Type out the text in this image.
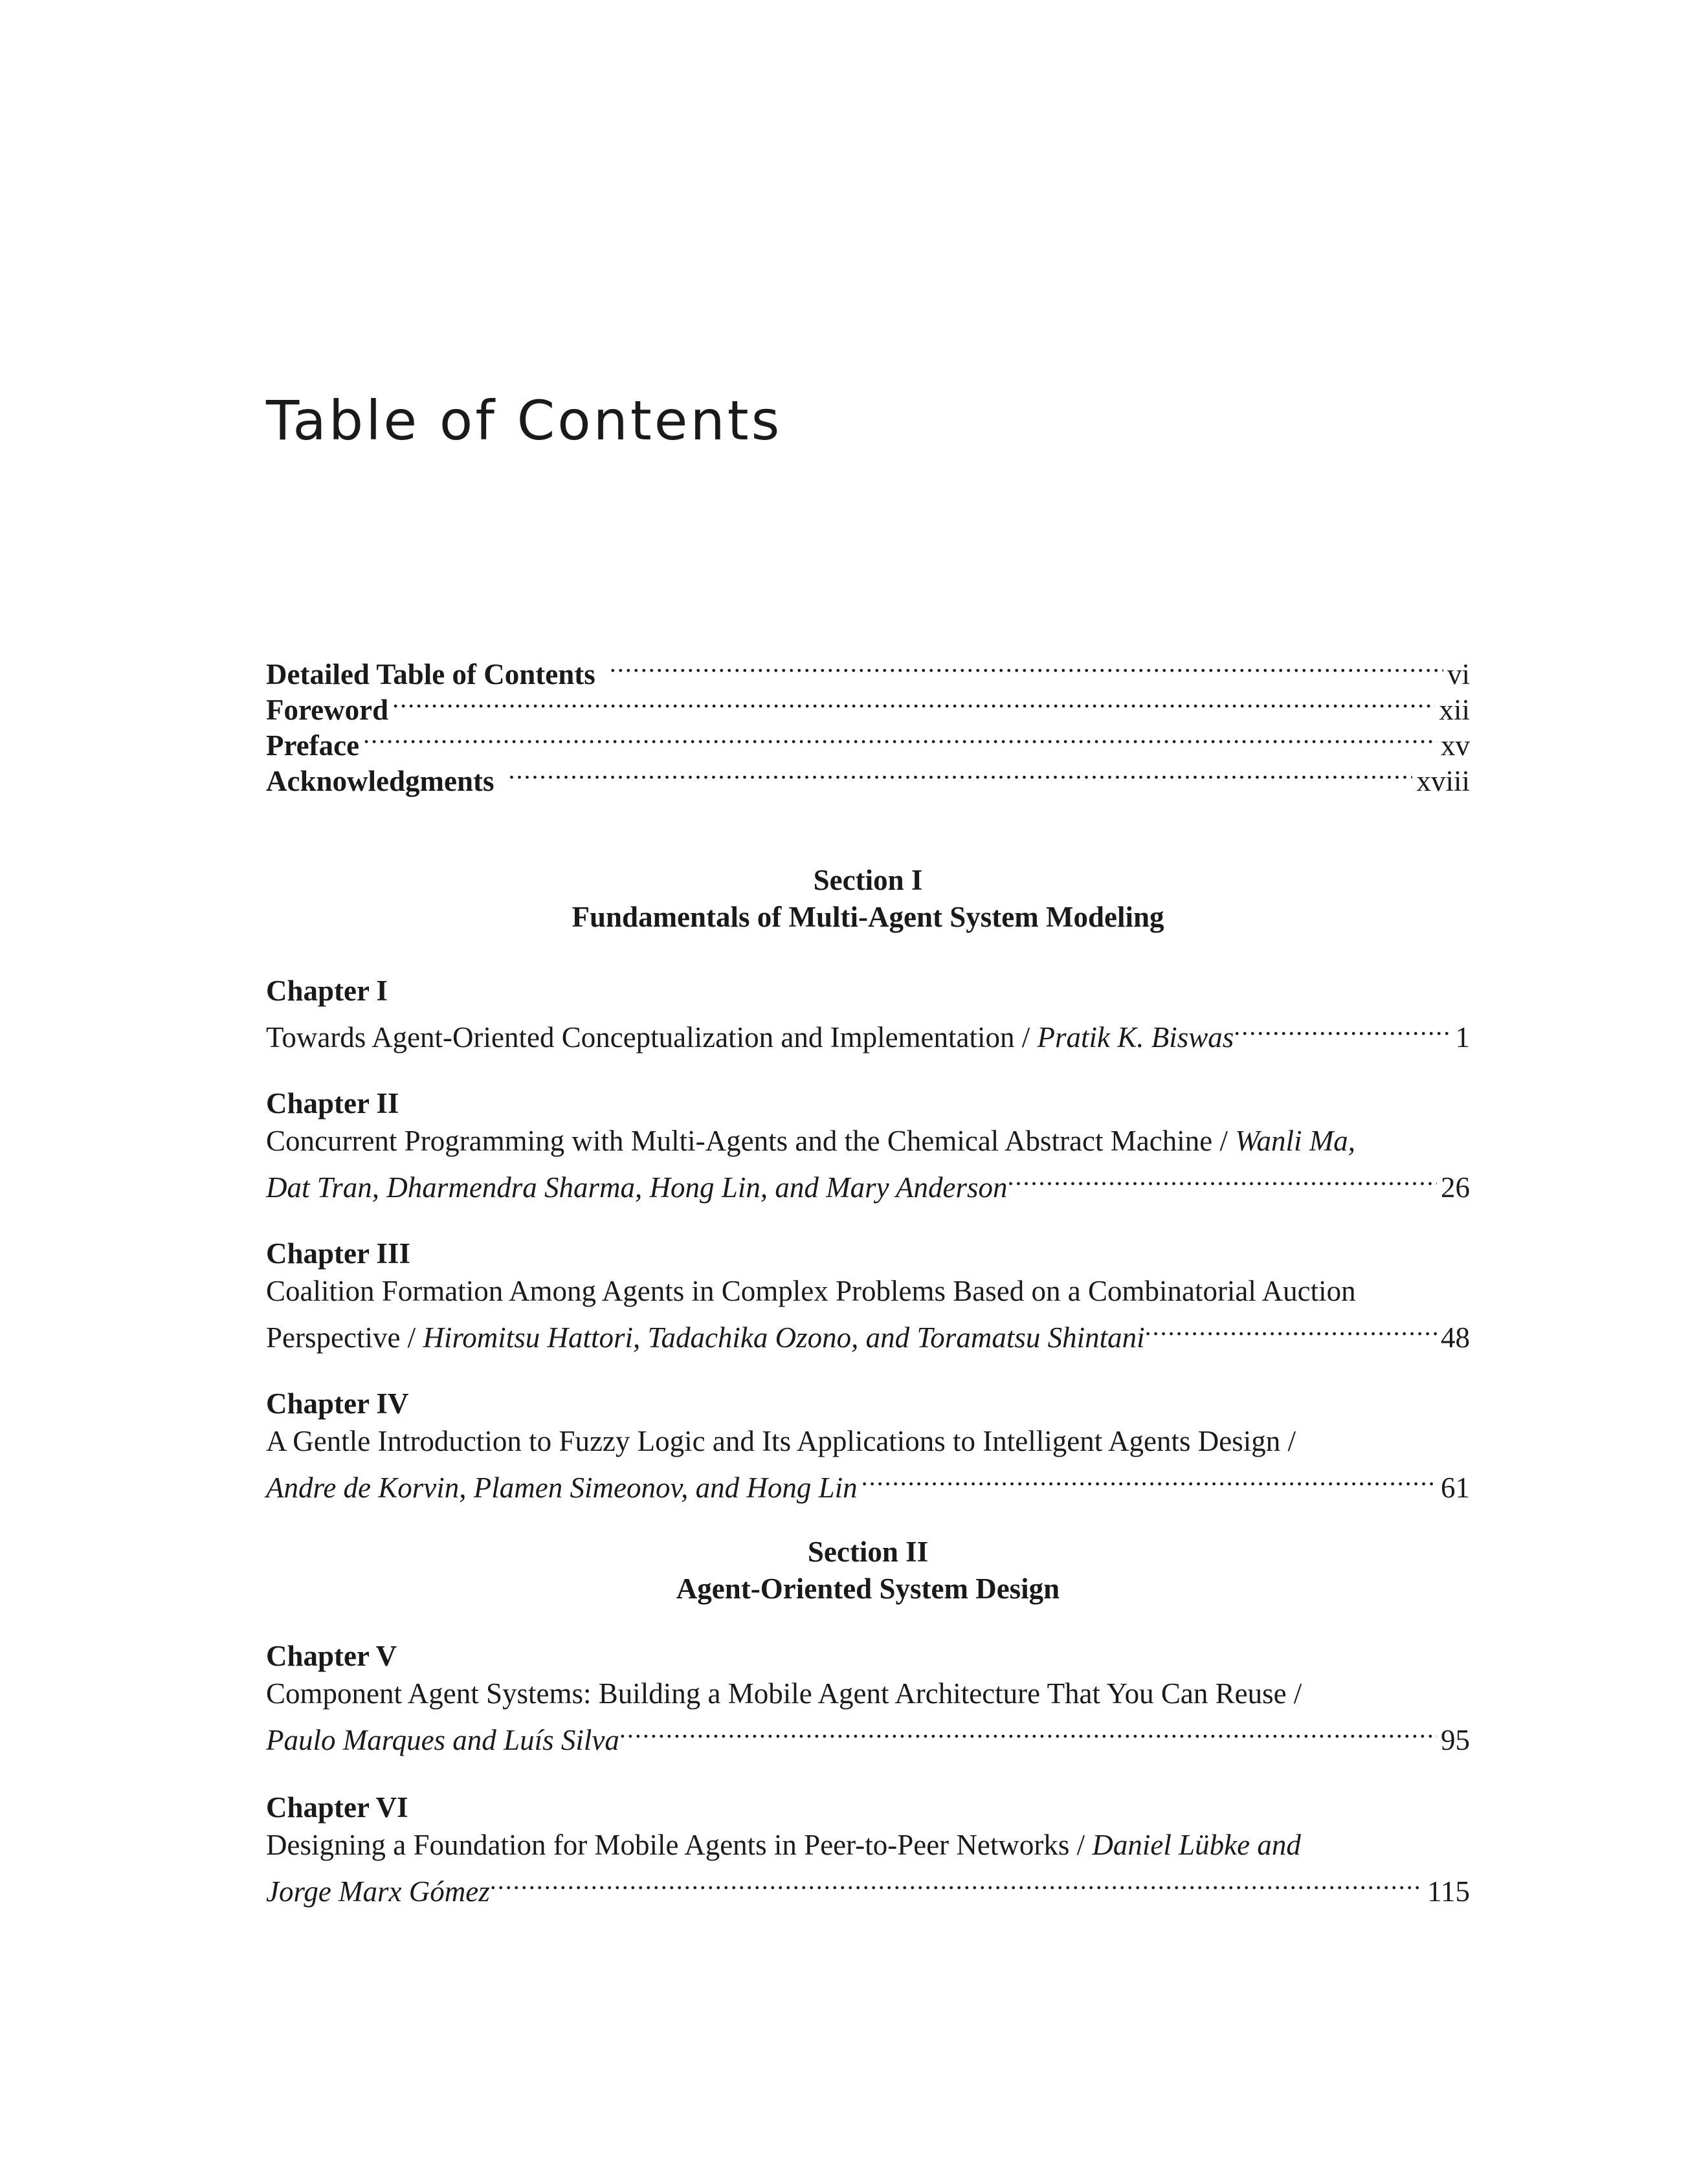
Table of Contents
Detailed Table of Contents .....	vi
Foreword .....	xii
Preface .....	xv
Acknowledgments .....	xviii
Section I
Fundamentals of Multi-Agent System Modeling
Chapter I
Towards Agent-Oriented Conceptualization and Implementation / Pratik K. Biswas .....	1
Chapter II
Concurrent Programming with Multi-Agents and the Chemical Abstract Machine / Wanli Ma,
Dat Tran, Dharmendra Sharma, Hong Lin, and Mary Anderson .....	26
Chapter III
Coalition Formation Among Agents in Complex Problems Based on a Combinatorial Auction
Perspective / Hiromitsu Hattori, Tadachika Ozono, and Toramatsu Shintani .....	48
Chapter IV
A Gentle Introduction to Fuzzy Logic and Its Applications to Intelligent Agents Design /
Andre de Korvin, Plamen Simeonov, and Hong Lin .....	61
Section II
Agent-Oriented System Design
Chapter V
Component Agent Systems: Building a Mobile Agent Architecture That You Can Reuse /
Paulo Marques and Luís Silva .....	95
Chapter VI
Designing a Foundation for Mobile Agents in Peer-to-Peer Networks / Daniel Lübke and
Jorge Marx Gómez .....	115
